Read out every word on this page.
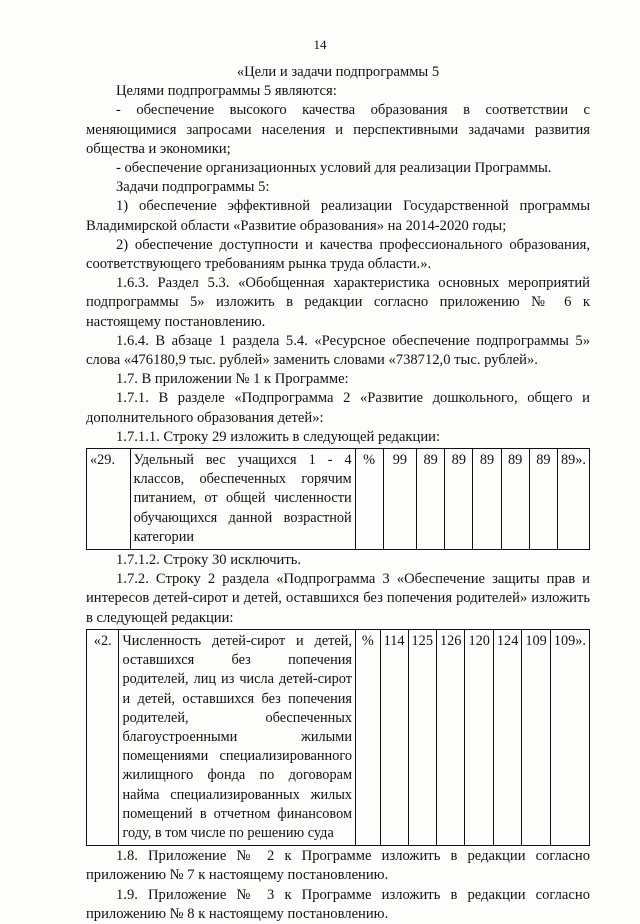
14

«Цели и задачи подпрограммы 5

Целями подпрограммы 5 являются:

- обеспечение высокого качества образования в соответствии с меняющимися запросами населения и перспективными задачами развития общества и экономики;

- обеспечение организационных условий для реализации Программы.

Задачи подпрограммы 5:

1) обеспечение эффективной реализации Государственной программы Владимирской области «Развитие образования» на 2014-2020 годы;

2) обеспечение доступности и качества профессионального образования, соответствующего требованиям рынка труда области.».

1.6.3. Раздел 5.3. «Обобщенная характеристика основных мероприятий подпрограммы 5» изложить в редакции согласно приложению № 6 к настоящему постановлению.

1.6.4. В абзаце 1 раздела 5.4. «Ресурсное обеспечение подпрограммы 5» слова «476180,9 тыс. рублей» заменить словами «738712,0 тыс. рублей».

1.7. В приложении № 1 к Программе:

1.7.1. В разделе «Подпрограмма 2 «Развитие дошкольного, общего и дополнительного образования детей»:

1.7.1.1. Строку 29 изложить в следующей редакции:

«29.	Удельный вес учащихся 1 - 4 классов, обеспеченных горячим питанием, от общей численности обучающихся данной возрастной категории	%	99	89	89	89	89	89	89».

1.7.1.2. Строку 30 исключить.

1.7.2. Строку 2 раздела «Подпрограмма 3 «Обеспечение защиты прав и интересов детей-сирот и детей, оставшихся без попечения родителей» изложить в следующей редакции:

«2.	Численность детей-сирот и детей, оставшихся без попечения родителей, лиц из числа детей-сирот и детей, оставшихся без попечения родителей, обеспеченных благоустроенными жилыми помещениями специализированного жилищного фонда по договорам найма специализированных жилых помещений в отчетном финансовом году, в том числе по решению суда	%	114	125	126	120	124	109	109».

1.8. Приложение № 2 к Программе изложить в редакции согласно приложению № 7 к настоящему постановлению.

1.9. Приложение № 3 к Программе изложить в редакции согласно приложению № 8 к настоящему постановлению.
